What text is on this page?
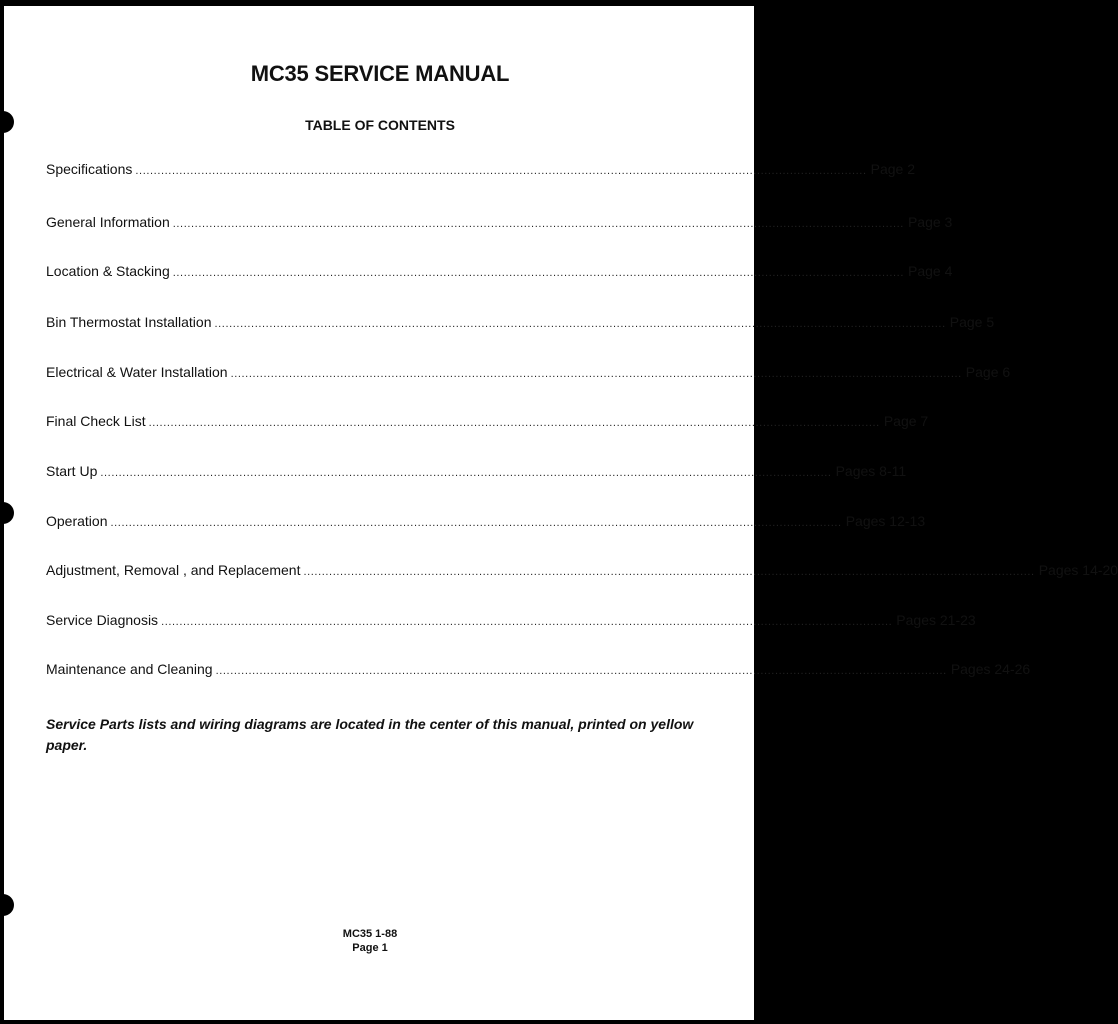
MC35 SERVICE MANUAL
TABLE OF CONTENTS
Specifications ........................................................................................................................................................................................................ Page 2
General Information ........................................................................................................................................................................................................ Page 3
Location & Stacking ........................................................................................................................................................................................................ Page 4
Bin Thermostat Installation ........................................................................................................................................................................................................ Page 5
Electrical & Water Installation ........................................................................................................................................................................................................ Page 6
Final Check List ........................................................................................................................................................................................................ Page 7
Start Up ........................................................................................................................................................................................................ Pages 8-11
Operation ........................................................................................................................................................................................................ Pages 12-13
Adjustment, Removal , and Replacement ........................................................................................................................................................................................................ Pages 14-20
Service Diagnosis ........................................................................................................................................................................................................ Pages 21-23
Maintenance and Cleaning ........................................................................................................................................................................................................ Pages 24-26
Service Parts lists and wiring diagrams are located in the center of this manual, printed on yellow paper.
MC35 1-88
Page 1
